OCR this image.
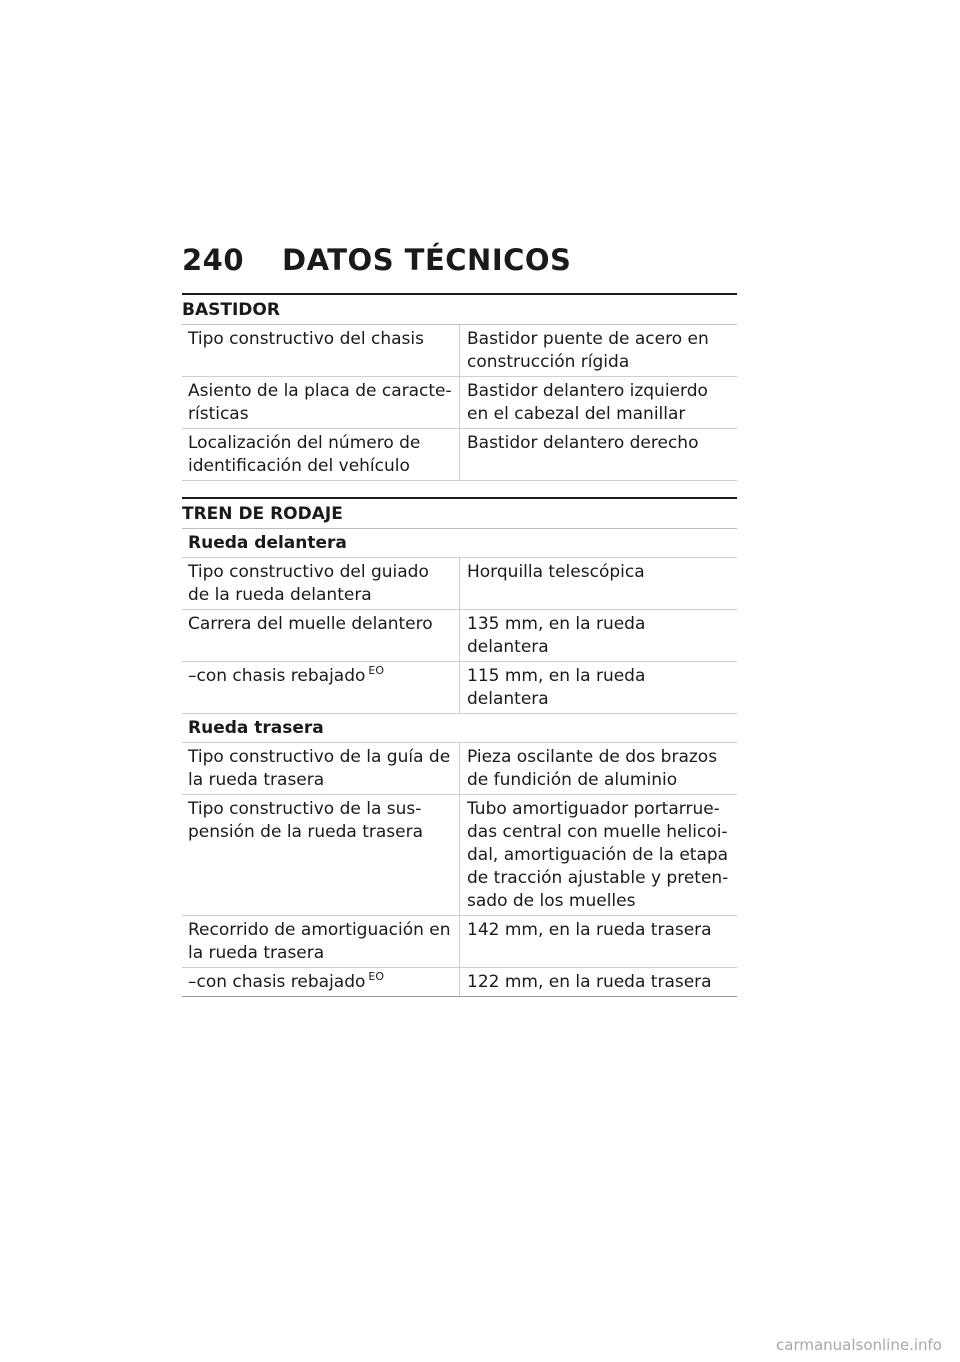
240	DATOS TÉCNICOS
BASTIDOR
Tipo constructivo del chasis	Bastidor puente de acero en construcción rígida
Asiento de la placa de caracte-rísticas	Bastidor delantero izquierdo en el cabezal del manillar
Localización del número de identificación del vehículo	Bastidor delantero derecho
TREN DE RODAJE
Rueda delantera	
Tipo constructivo del guiado de la rueda delantera	Horquilla telescópica
Carrera del muelle delantero	135 mm, en la rueda delantera
–con chasis rebajado $^{EO}$	115 mm, en la rueda delantera
Rueda trasera	
Tipo constructivo de la guía de la rueda trasera	Pieza oscilante de dos brazos de fundición de aluminio
Tipo constructivo de la sus-pensión de la rueda trasera	Tubo amortiguador portarrue-das central con muelle helicoi-dal, amortiguación de la etapa de tracción ajustable y preten-sado de los muelles
Recorrido de amortiguación en la rueda trasera	142 mm, en la rueda trasera
–con chasis rebajado $^{EO}$	122 mm, en la rueda trasera
carmanualsonline.info
